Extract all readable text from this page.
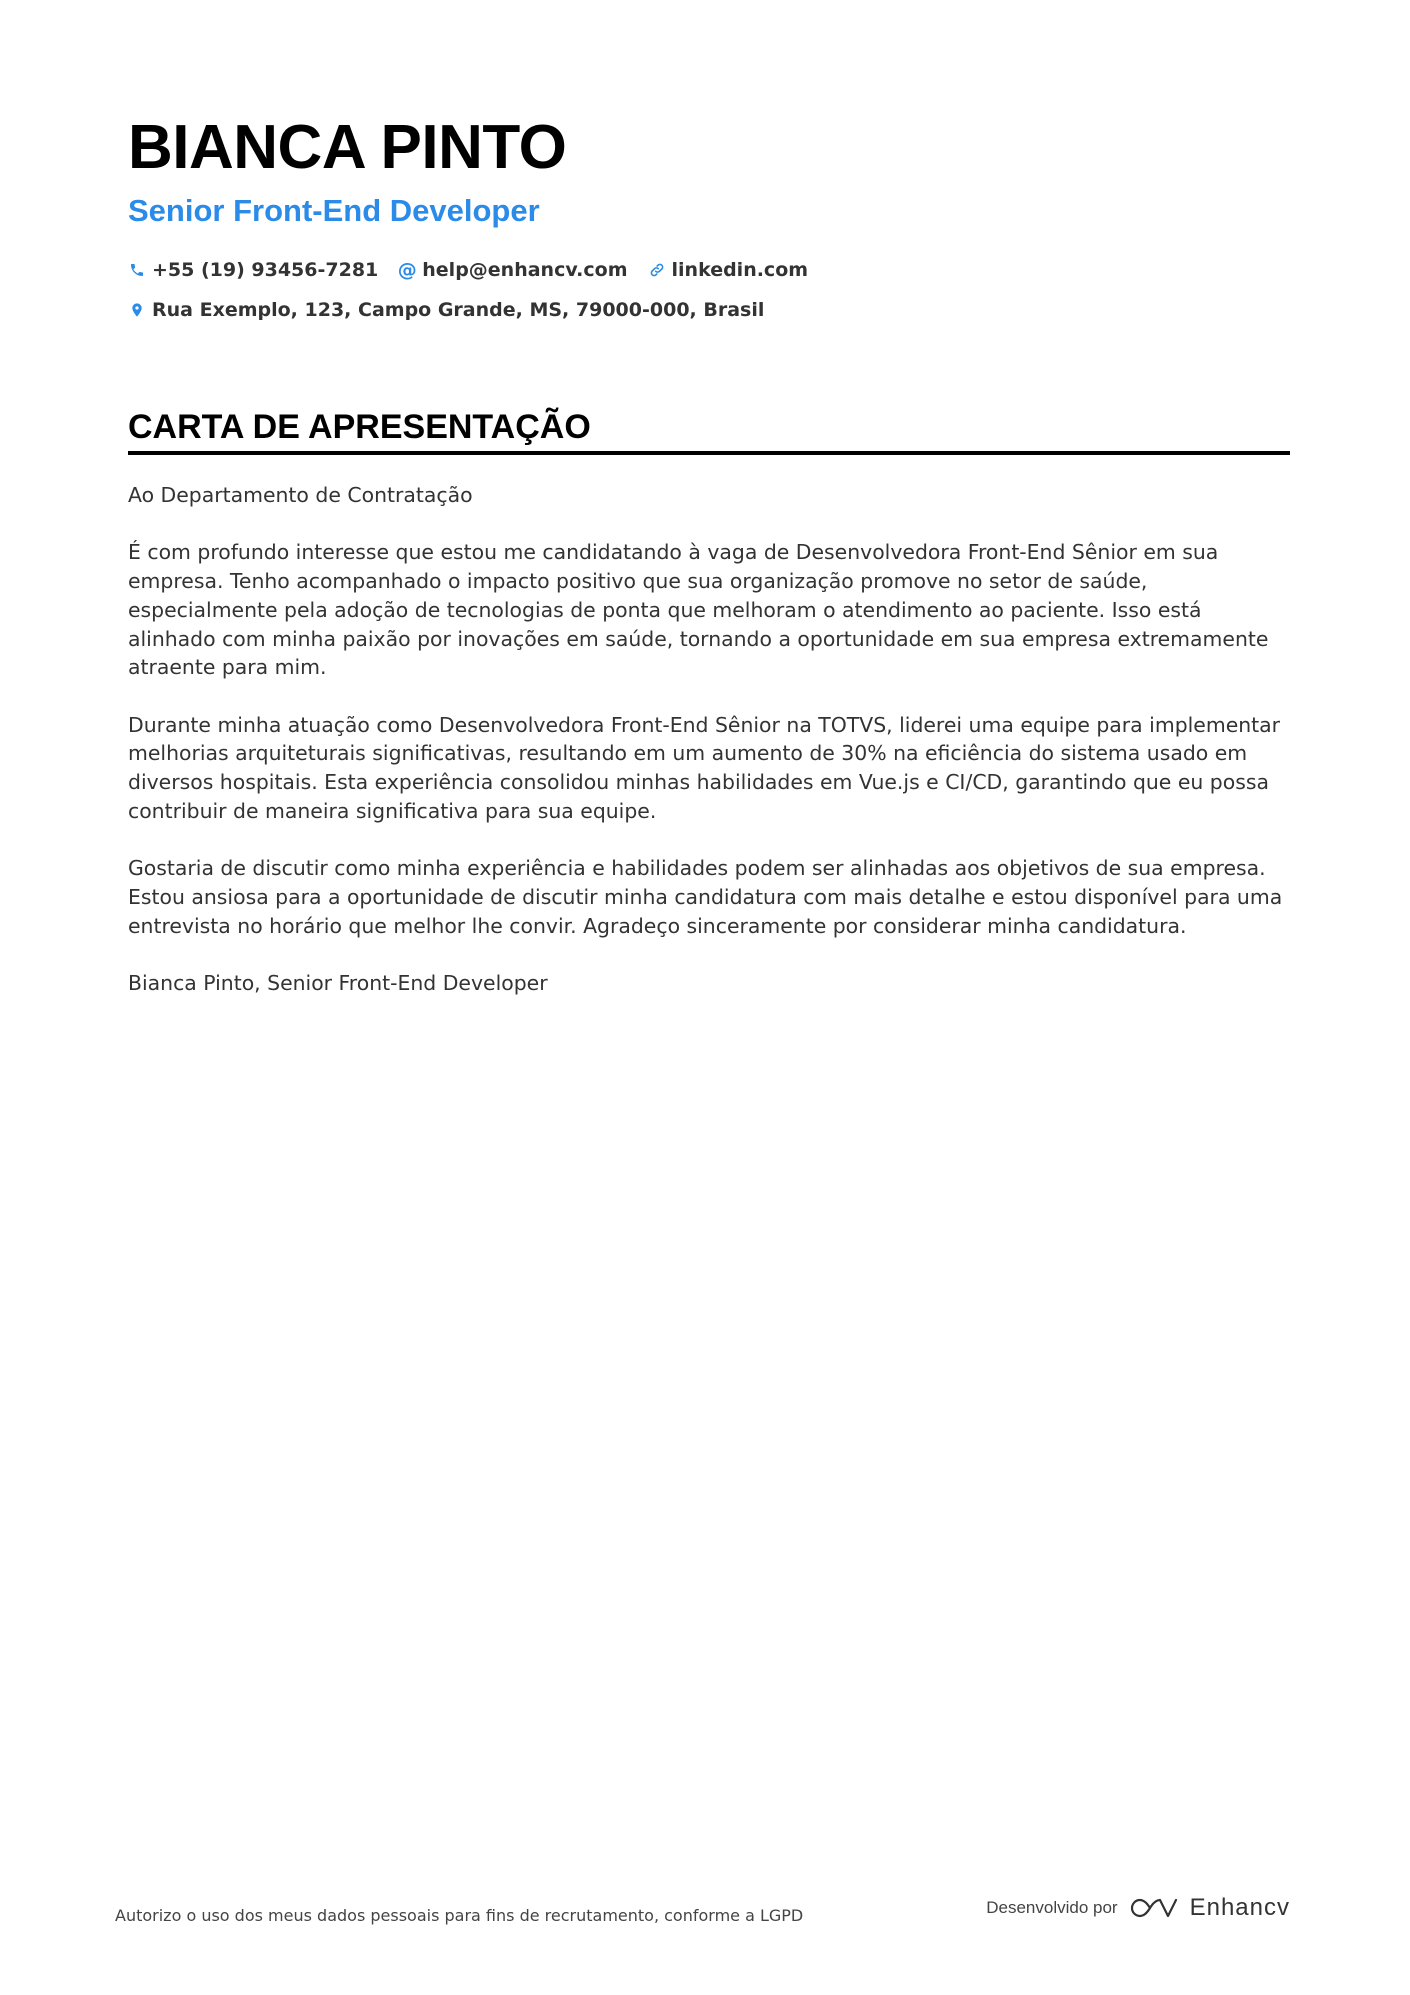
BIANCA PINTO
Senior Front-End Developer
+55 (19) 93456-7281 @ help@enhancv.com linkedin.com
Rua Exemplo, 123, Campo Grande, MS, 79000-000, Brasil
CARTA DE APRESENTAÇÃO

Ao Departamento de Contratação

É com profundo interesse que estou me candidatando à vaga de Desenvolvedora Front-End Sênior em sua empresa. Tenho acompanhado o impacto positivo que sua organização promove no setor de saúde, especialmente pela adoção de tecnologias de ponta que melhoram o atendimento ao paciente. Isso está alinhado com minha paixão por inovações em saúde, tornando a oportunidade em sua empresa extremamente atraente para mim.

Durante minha atuação como Desenvolvedora Front-End Sênior na TOTVS, liderei uma equipe para implementar melhorias arquiteturais significativas, resultando em um aumento de 30% na eficiência do sistema usado em diversos hospitais. Esta experiência consolidou minhas habilidades em Vue.js e CI/CD, garantindo que eu possa contribuir de maneira significativa para sua equipe.

Gostaria de discutir como minha experiência e habilidades podem ser alinhadas aos objetivos de sua empresa. Estou ansiosa para a oportunidade de discutir minha candidatura com mais detalhe e estou disponível para uma entrevista no horário que melhor lhe convir. Agradeço sinceramente por considerar minha candidatura.

Bianca Pinto, Senior Front-End Developer

Autorizo o uso dos meus dados pessoais para fins de recrutamento, conforme a LGPD	Desenvolvido por	Enhancv
